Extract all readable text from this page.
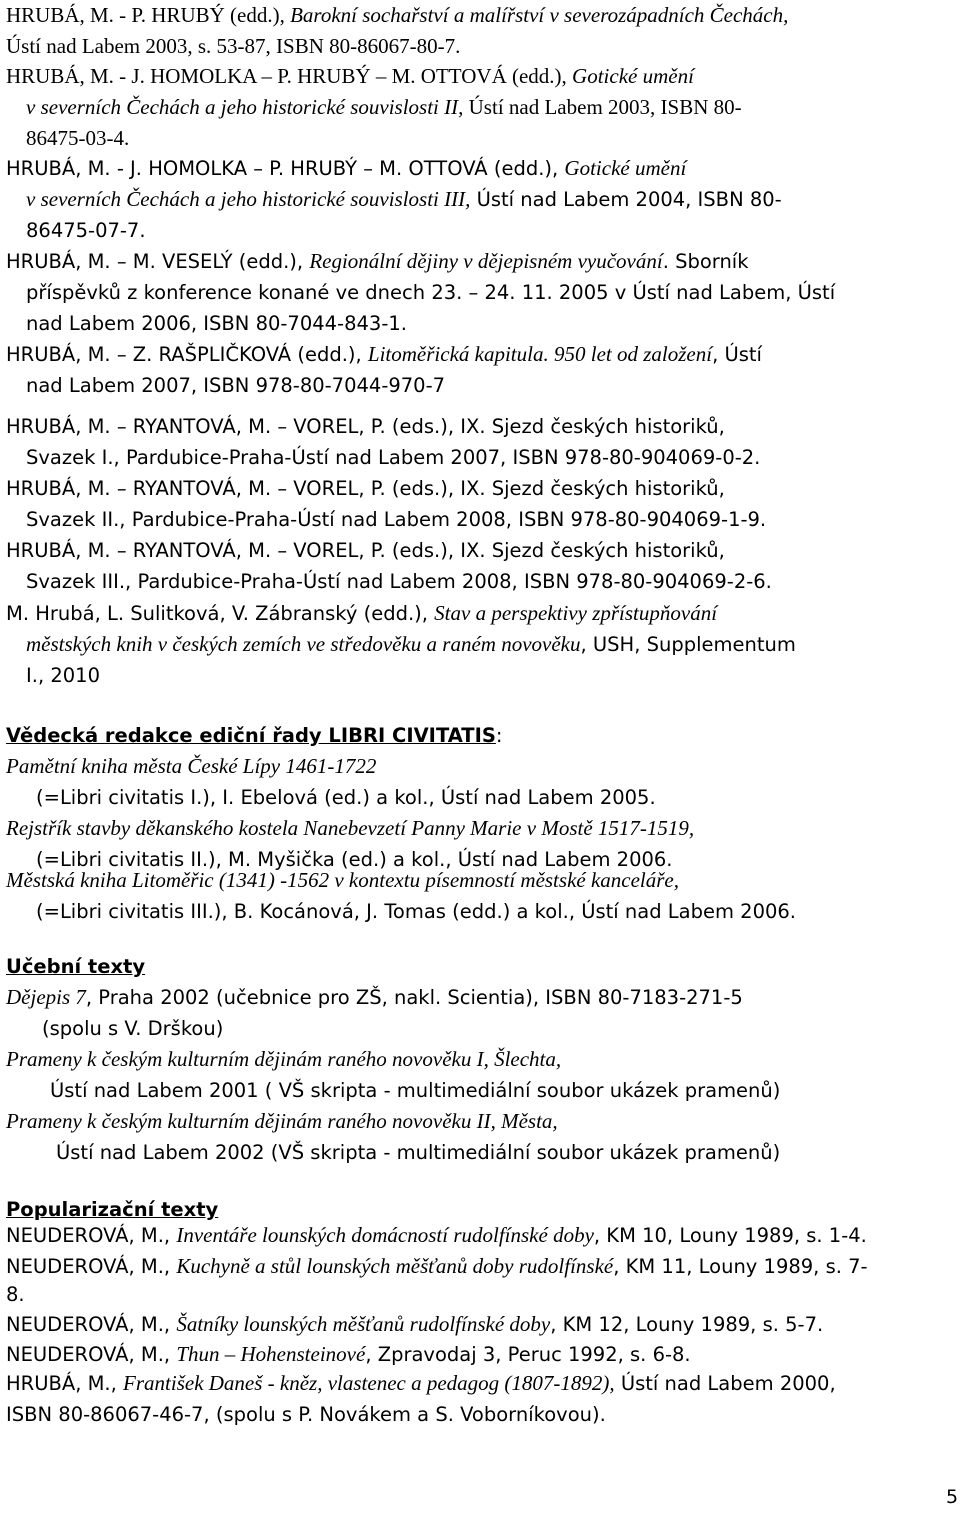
HRUBÁ, M. - P. HRUBÝ (edd.), Barokní sochařství a malířství v severozápadních Čechách,
Ústí nad Labem 2003, s. 53-87, ISBN 80-86067-80-7.
HRUBÁ, M. - J. HOMOLKA – P. HRUBÝ – M. OTTOVÁ (edd.), Gotické umění
v severních Čechách a jeho historické souvislosti II, Ústí nad Labem 2003, ISBN 80-
86475-03-4.
HRUBÁ, M. - J. HOMOLKA – P. HRUBÝ – M. OTTOVÁ (edd.), Gotické umění
v severních Čechách a jeho historické souvislosti III, Ústí nad Labem 2004, ISBN 80-
86475-07-7.
HRUBÁ, M. – M. VESELÝ (edd.), Regionální dějiny v dějepisném vyučování. Sborník
příspěvků z konference konané ve dnech 23. – 24. 11. 2005 v Ústí nad Labem, Ústí
nad Labem 2006, ISBN 80-7044-843-1.
HRUBÁ, M. – Z. RAŠPLIČKOVÁ (edd.), Litoměřická kapitula. 950 let od založení, Ústí
nad Labem 2007, ISBN 978-80-7044-970-7
HRUBÁ, M. – RYANTOVÁ, M. – VOREL, P. (eds.), IX. Sjezd českých historiků,
Svazek I., Pardubice-Praha-Ústí nad Labem 2007, ISBN 978-80-904069-0-2.
HRUBÁ, M. – RYANTOVÁ, M. – VOREL, P. (eds.), IX. Sjezd českých historiků,
Svazek II., Pardubice-Praha-Ústí nad Labem 2008, ISBN 978-80-904069-1-9.
HRUBÁ, M. – RYANTOVÁ, M. – VOREL, P. (eds.), IX. Sjezd českých historiků,
Svazek III., Pardubice-Praha-Ústí nad Labem 2008, ISBN 978-80-904069-2-6.
M. Hrubá, L. Sulitková, V. Zábranský (edd.), Stav a perspektivy zpřístupňování
městských knih v českých zemích ve středověku a raném novověku, USH, Supplementum
I., 2010
Vědecká redakce ediční řady LIBRI CIVITATIS:
Pamětní kniha města České Lípy 1461-1722
(=Libri civitatis I.), I. Ebelová (ed.) a kol., Ústí nad Labem 2005.
Rejstřík stavby děkanského kostela Nanebevzetí Panny Marie v Mostě 1517-1519,
(=Libri civitatis II.), M. Myšička (ed.) a kol., Ústí nad Labem 2006.
Městská kniha Litoměřic (1341) -1562 v kontextu písemností městské kanceláře,
(=Libri civitatis III.), B. Kocánová, J. Tomas (edd.) a kol., Ústí nad Labem 2006.
Učební texty
Dějepis 7, Praha 2002 (učebnice pro ZŠ, nakl. Scientia), ISBN 80-7183-271-5
(spolu s V. Drškou)
Prameny k českým kulturním dějinám raného novověku I, Šlechta,
Ústí nad Labem 2001 ( VŠ skripta - multimediální soubor ukázek pramenů)
Prameny k českým kulturním dějinám raného novověku II, Města,
Ústí nad Labem 2002 (VŠ skripta - multimediální soubor ukázek pramenů)
Popularizační texty
NEUDEROVÁ, M., Inventáře lounských domácností rudolfínské doby, KM 10, Louny 1989, s. 1-4.
NEUDEROVÁ, M., Kuchyně a stůl lounských měšťanů doby rudolfínské, KM 11, Louny 1989, s. 7-
8.
NEUDEROVÁ, M., Šatníky lounských měšťanů rudolfínské doby, KM 12, Louny 1989, s. 5-7.
NEUDEROVÁ, M., Thun – Hohensteinové, Zpravodaj 3, Peruc 1992, s. 6-8.
HRUBÁ, M., František Daneš - kněz, vlastenec a pedagog (1807-1892), Ústí nad Labem 2000,
ISBN 80-86067-46-7, (spolu s P. Novákem a S. Voborníkovou).
5
